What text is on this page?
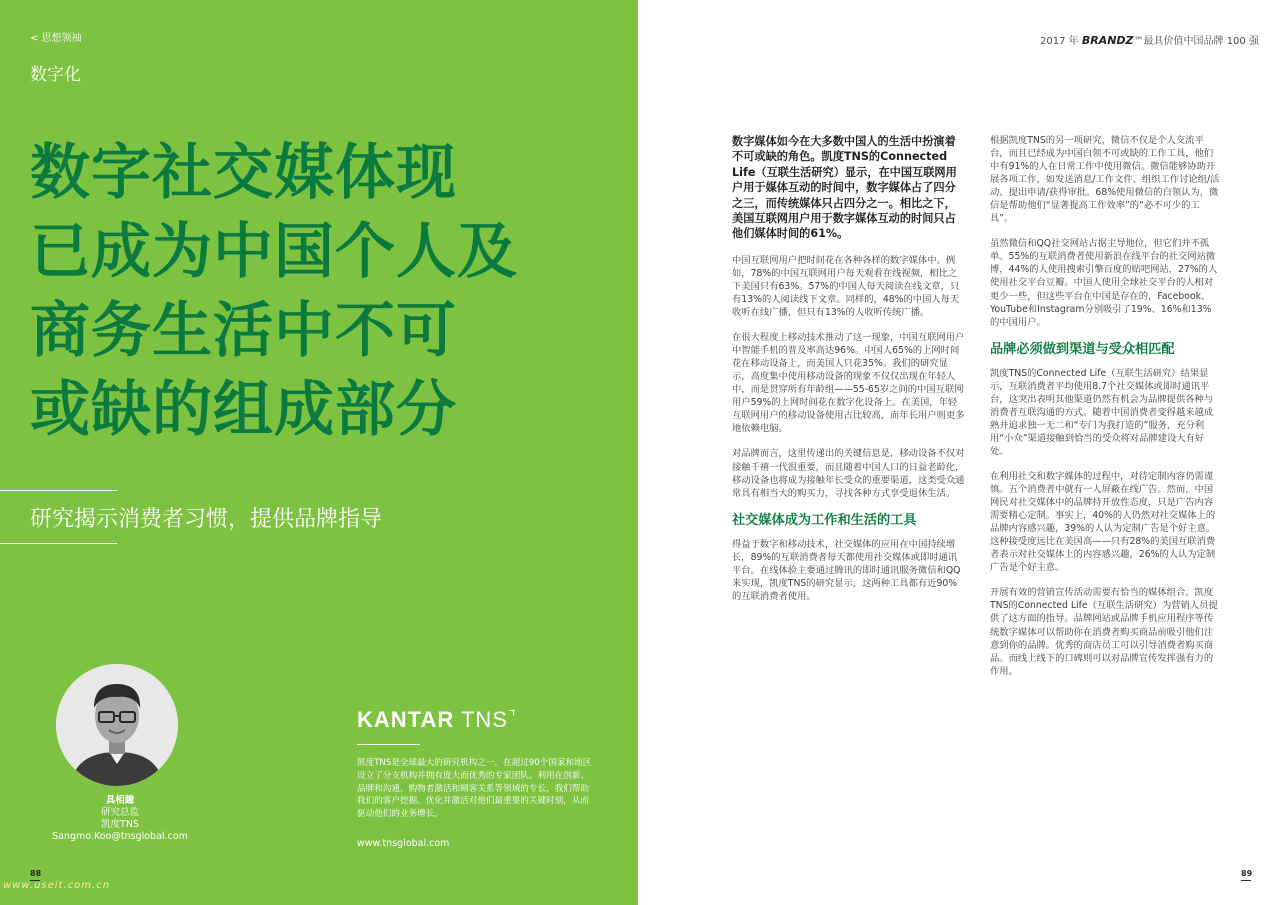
< 思想领袖
数字化
数字社交媒体现
已成为中国个人及
商务生活中不可
或缺的组成部分
研究揭示消费者习惯，提供品牌指导
具相鐿
研究总监
凯度TNS
Sangmo.Koo@tnsglobal.com
KANTAR TNS⌝

凯度TNS是全球最大的研究机构之一，在超过90个国家和地区设立了分支机构并拥有庞大而优秀的专家团队。利用在创新、品牌和沟通、购物者激活和顾客关系等领域的专长，我们帮助我们的客户挖掘、优化并激活对他们最重要的关键时刻，从而驱动他们的业务增长。

www.tnsglobal.com
88
www.useit.com.cn
2017 年 BRANDZ™最具价值中国品牌 100 强

数字媒体如今在大多数中国人的生活中扮演着不可或缺的角色。凯度TNS的Connected Life（互联生活研究）显示，在中国互联网用户用于媒体互动的时间中，数字媒体占了四分之三，而传统媒体只占四分之一。相比之下，美国互联网用户用于数字媒体互动的时间只占他们媒体时间的61%。

中国互联网用户把时间花在各种各样的数字媒体中。例如，78%的中国互联网用户每天观看在线视频，相比之下美国只有63%。57%的中国人每天阅读在线文章，只有13%的人阅读线下文章。同样的，48%的中国人每天收听在线广播，但只有13%的人收听传统广播。

在很大程度上移动技术推动了这一现象，中国互联网用户中智能手机的普及率高达96%。中国人65%的上网时间花在移动设备上，而美国人只花35%。我们的研究显示，高度集中使用移动设备的现象不仅仅出现在年轻人中，而是贯穿所有年龄组——55-65岁之间的中国互联网用户59%的上网时间花在数字化设备上。在美国，年轻互联网用户的移动设备使用占比较高，而年长用户则更多地依赖电脑。

对品牌而言，这里传递出的关键信息是，移动设备不仅对接触千禧一代很重要，而且随着中国人口的日益老龄化，移动设备也将成为接触年长受众的重要渠道，这类受众通常具有相当大的购买力，寻找各种方式享受退休生活。

社交媒体成为工作和生活的工具

得益于数字和移动技术，社交媒体的应用在中国持续增长，89%的互联消费者每天都使用社交媒体或即时通讯平台。在线体验主要通过腾讯的即时通讯服务微信和QQ来实现，凯度TNS的研究显示，这两种工具都有近90%的互联消费者使用。

根据凯度TNS的另一项研究，微信不仅是个人交流平台，而且已经成为中国白领不可或缺的工作工具，他们中有91%的人在日常工作中使用微信。微信能够协助开展各项工作，如发送消息/工作文件、组织工作讨论组/活动、提出申请/获得审批。68%使用微信的白领认为，微信是帮助他们“显著提高工作效率”的“必不可少的工具”。

虽然微信和QQ社交网站占据主导地位，但它们并不孤单。55%的互联消费者使用新浪在线平台的社交网站微博，44%的人使用搜索引擎百度的贴吧网站，27%的人使用社交平台豆瓣。中国人使用全球社交平台的人相对更少一些，但这些平台在中国是存在的，Facebook、YouTube和Instagram分别吸引了19%、16%和13%的中国用户。

品牌必须做到渠道与受众相匹配

凯度TNS的Connected Life（互联生活研究）结果显示，互联消费者平均使用8.7个社交媒体或即时通讯平台，这突出表明其他渠道仍然有机会为品牌提供各种与消费者互联沟通的方式。随着中国消费者变得越来越成熟并追求独一无二和“专门为我打造的”服务，充分利用“小众”渠道接触到恰当的受众将对品牌建设大有好处。

在利用社交和数字媒体的过程中，对待定制内容仍需谨慎。五个消费者中就有一人屏蔽在线广告。然而，中国网民对社交媒体中的品牌持开放性态度，只是广告内容需要精心定制。事实上，40%的人仍然对社交媒体上的品牌内容感兴趣，39%的人认为定制广告是个好主意。这种接受度远比在美国高——只有28%的美国互联消费者表示对社交媒体上的内容感兴趣，26%的人认为定制广告是个好主意。

开展有效的营销宣传活动需要有恰当的媒体组合。凯度TNS的Connected Life（互联生活研究）为营销人员提供了这方面的指导。品牌网站或品牌手机应用程序等传统数字媒体可以帮助你在消费者购买商品前吸引他们注意到你的品牌。优秀的商店员工可以引导消费者购买商品。而线上线下的口碑则可以对品牌宣传发挥强有力的作用。

89
